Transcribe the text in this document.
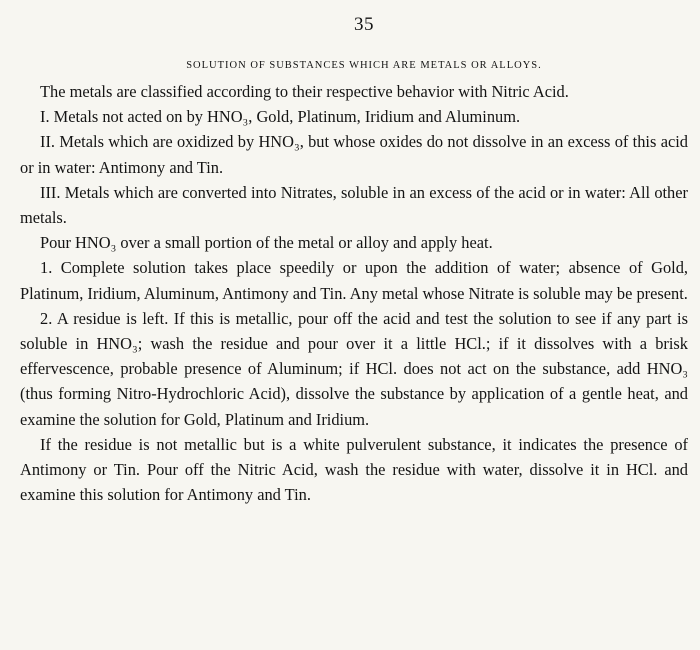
35
SOLUTION OF SUBSTANCES WHICH ARE METALS OR ALLOYS.

The metals are classified according to their respective behavior with Nitric Acid.

I. Metals not acted on by HNO₃, Gold, Platinum, Iridium and Aluminum.

II. Metals which are oxidized by HNO₃, but whose oxides do not dissolve in an excess of this acid or in water: Antimony and Tin.

III. Metals which are converted into Nitrates, soluble in an excess of the acid or in water: All other metals.

Pour HNO₃ over a small portion of the metal or alloy and apply heat.

1. Complete solution takes place speedily or upon the addition of water; absence of Gold, Platinum, Iridium, Aluminum, Antimony and Tin. Any metal whose Nitrate is soluble may be present.

2. A residue is left. If this is metallic, pour off the acid and test the solution to see if any part is soluble in HNO₃; wash the residue and pour over it a little HCl.; if it dissolves with a brisk effervescence, probable presence of Aluminum; if HCl. does not act on the substance, add HNO₃ (thus forming Nitro-Hydrochloric Acid), dissolve the substance by application of a gentle heat, and examine the solution for Gold, Platinum and Iridium.

If the residue is not metallic but is a white pulverulent substance, it indicates the presence of Antimony or Tin. Pour off the Nitric Acid, wash the residue with water, dissolve it in HCl. and examine this solution for Antimony and Tin.
